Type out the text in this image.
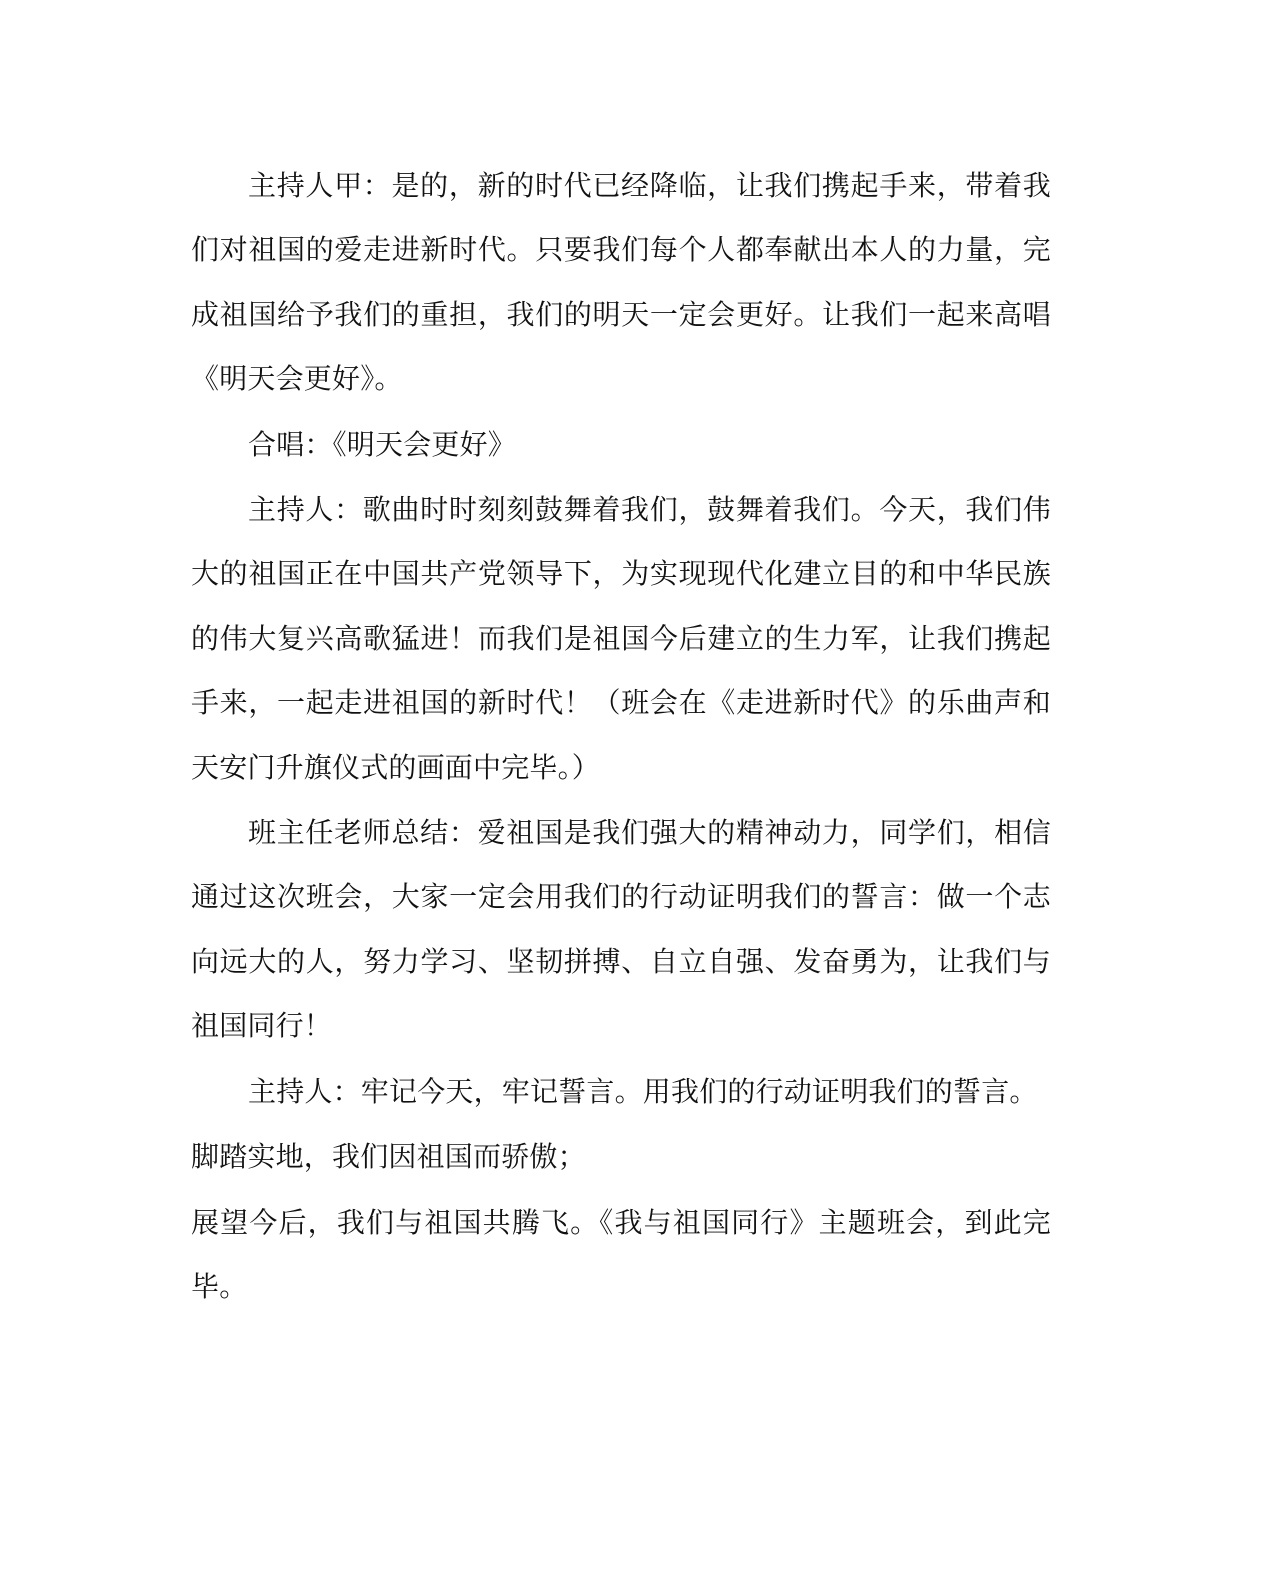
主持人甲：是的，新的时代已经降临，让我们携起手来，带着我们对祖国的爱走进新时代。只要我们每个人都奉献出本人的力量，完成祖国给予我们的重担，我们的明天一定会更好。让我们一起来高唱《明天会更好》。

合唱：《明天会更好》

主持人：歌曲时时刻刻鼓舞着我们，鼓舞着我们。今天，我们伟大的祖国正在中国共产党领导下，为实现现代化建立目的和中华民族的伟大复兴高歌猛进！而我们是祖国今后建立的生力军，让我们携起手来，一起走进祖国的新时代！（班会在《走进新时代》的乐曲声和天安门升旗仪式的画面中完毕。）

班主任老师总结：爱祖国是我们强大的精神动力，同学们，相信通过这次班会，大家一定会用我们的行动证明我们的誓言：做一个志向远大的人，努力学习、坚韧拼搏、自立自强、发奋勇为，让我们与祖国同行！

主持人：牢记今天，牢记誓言。用我们的行动证明我们的誓言。

脚踏实地，我们因祖国而骄傲；

展望今后，我们与祖国共腾飞。《我与祖国同行》主题班会，到此完毕。
